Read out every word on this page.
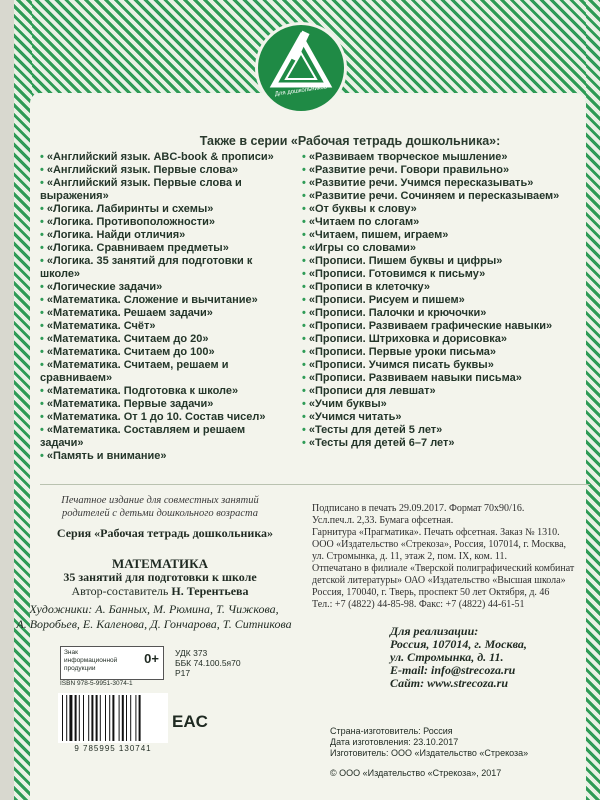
Для дошкольников
Также в серии «Рабочая тетрадь дошкольника»:
• «Английский язык. ABC-book & прописи»
• «Английский язык. Первые слова»
• «Английский язык. Первые слова и выражения»
• «Логика. Лабиринты и схемы»
• «Логика. Противоположности»
• «Логика. Найди отличия»
• «Логика. Сравниваем предметы»
• «Логика. 35 занятий для подготовки к школе»
• «Логические задачи»
• «Математика. Сложение и вычитание»
• «Математика. Решаем задачи»
• «Математика. Счёт»
• «Математика. Считаем до 20»
• «Математика. Считаем до 100»
• «Математика. Считаем, решаем и сравниваем»
• «Математика. Подготовка к школе»
• «Математика. Первые задачи»
• «Математика. От 1 до 10. Состав чисел»
• «Математика. Составляем и решаем задачи»
• «Память и внимание»
• «Развиваем творческое мышление»
• «Развитие речи. Говори правильно»
• «Развитие речи. Учимся пересказывать»
• «Развитие речи. Сочиняем и пересказываем»
• «От буквы к слову»
• «Читаем по слогам»
• «Читаем, пишем, играем»
• «Игры со словами»
• «Прописи. Пишем буквы и цифры»
• «Прописи. Готовимся к письму»
• «Прописи в клеточку»
• «Прописи. Рисуем и пишем»
• «Прописи. Палочки и крючочки»
• «Прописи. Развиваем графические навыки»
• «Прописи. Штриховка и дорисовка»
• «Прописи. Первые уроки письма»
• «Прописи. Учимся писать буквы»
• «Прописи. Развиваем навыки письма»
• «Прописи для левшат»
• «Учим буквы»
• «Учимся читать»
• «Тесты для детей 5 лет»
• «Тесты для детей 6–7 лет»
Печатное издание для совместных занятий родителей с детьми дошкольного возраста
Серия «Рабочая тетрадь дошкольника»
МАТЕМАТИКА
35 занятий для подготовки к школе
Автор-составитель Н. Терентьева
Художники: А. Банных, М. Рюмина, Т. Чижкова,
А. Воробьев, Е. Каленова, Д. Гончарова, Т. Ситникова
Подписано в печать 29.09.2017. Формат 70х90/16.
Усл.печ.л. 2,33. Бумага офсетная.
Гарнитура «Прагматика». Печать офсетная. Заказ № 1310.
ООО «Издательство «Стрекоза», Россия, 107014, г. Москва,
ул. Стромынка, д. 11, этаж 2, пом. IX, ком. 11.
Отпечатано в филиале «Тверской полиграфический комбинат детской литературы» ОАО «Издательство «Высшая школа» Россия, 170040, г. Тверь, проспект 50 лет Октября, д. 46
Тел.: +7 (4822) 44-85-98. Факс: +7 (4822) 44-61-51
Для реализации:
Россия, 107014, г. Москва,
ул. Стромынка, д. 11.
E-mail: info@strecoza.ru
Сайт: www.strecoza.ru
Знак информационной продукции
0+
ISBN 978-5-9951-3074-1
УДК 373
ББК 74.100.5я70
Р17
9 785995 130741
EAC	Страна-изготовитель: Россия
Дата изготовления: 23.10.2017
Изготовитель: ООО «Издательство «Стрекоза»
© ООО «Издательство «Стрекоза», 2017
